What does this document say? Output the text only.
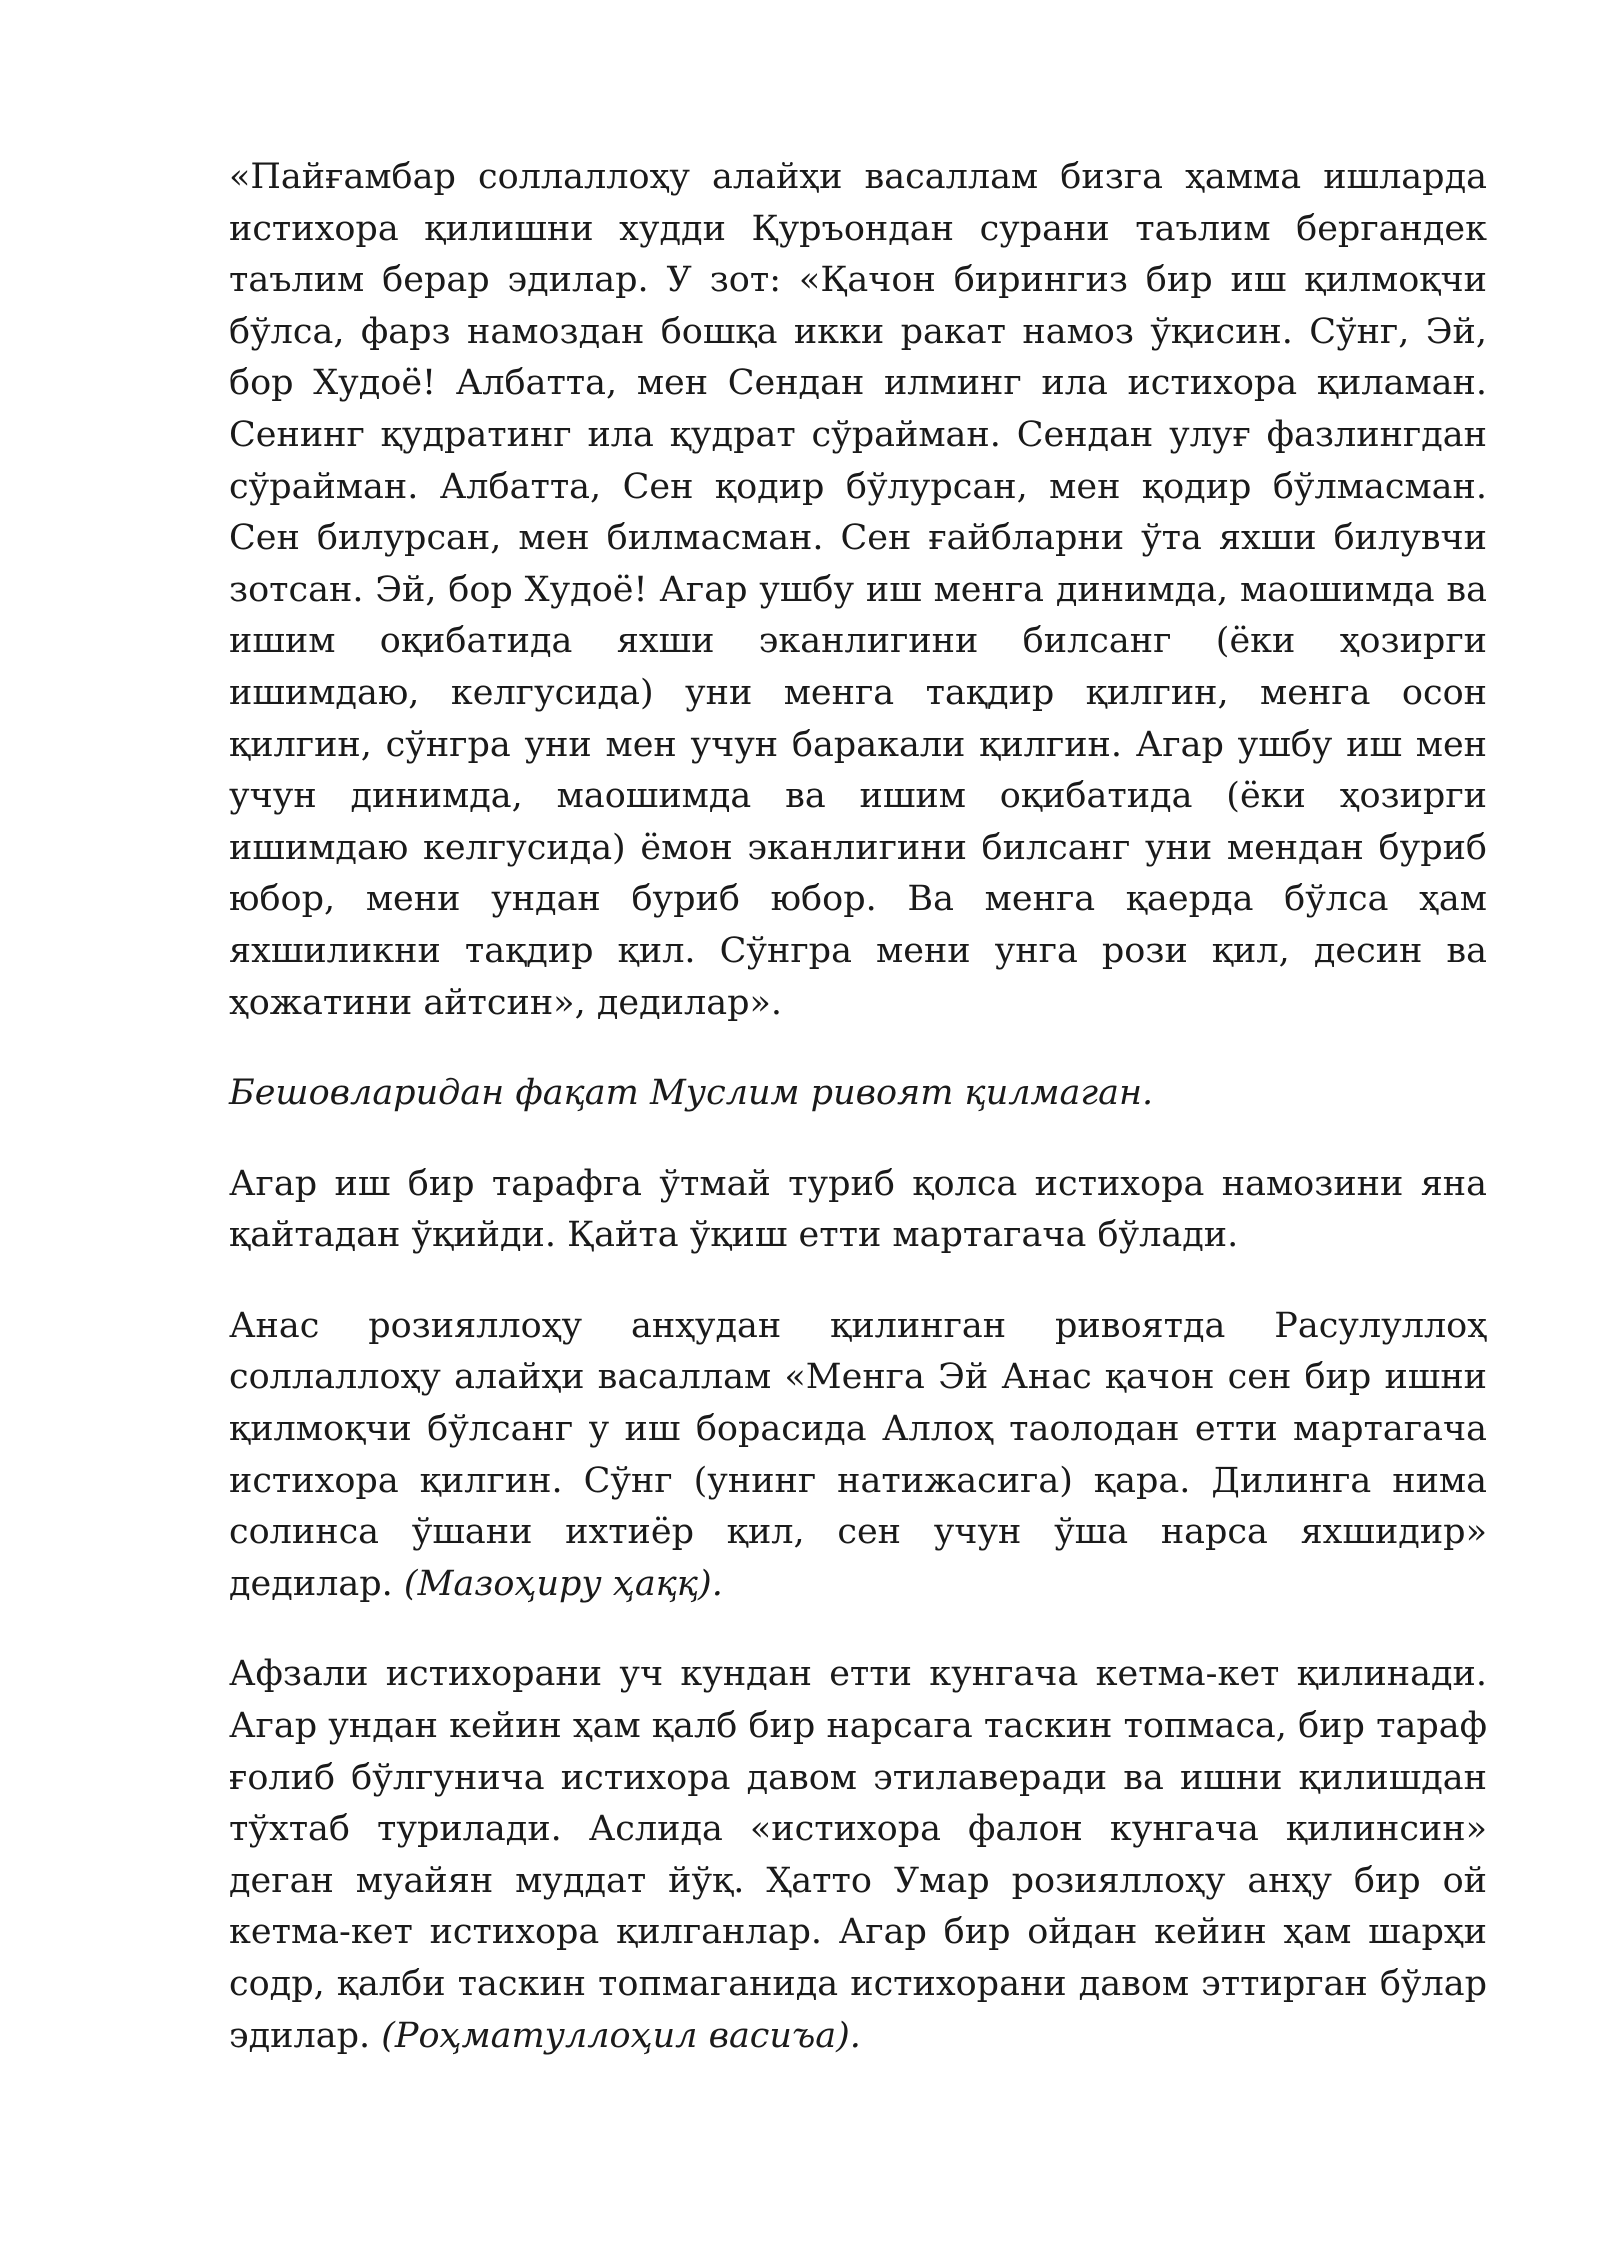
«Пайғамбар соллаллоҳу алайҳи васаллам бизга ҳамма ишларда истихора қилишни худди Қуръондан сурани таълим бергандек таълим берар эдилар. У зот: «Қачон бирингиз бир иш қилмоқчи бўлса, фарз намоздан бошқа икки ракат намоз ўқисин. Сўнг, Эй, бор Худоё! Албатта, мен Сендан илминг ила истихора қиламан. Сенинг қудратинг ила қудрат сўрайман. Сендан улуғ фазлингдан сўрайман. Албатта, Сен қодир бўлурсан, мен қодир бўлмасман. Сен билурсан, мен билмасман. Сен ғайбларни ўта яхши билувчи зотсан. Эй, бор Худоё! Агар ушбу иш менга динимда, маошимда ва ишим оқибатида яхши эканлигини билсанг (ёки ҳозирги ишимдаю, келгусида) уни менга тақдир қилгин, менга осон қилгин, сўнгра уни мен учун баракали қилгин. Агар ушбу иш мен учун динимда, маошимда ва ишим оқибатида (ёки ҳозирги ишимдаю келгусида) ёмон эканлигини билсанг уни мендан буриб юбор, мени ундан буриб юбор. Ва менга қаерда бўлса ҳам яхшиликни тақдир қил. Сўнгра мени унга рози қил, десин ва ҳожатини айтсин», дедилар».

Бешовларидан фақат Муслим ривоят қилмаган.

Агар иш бир тарафга ўтмай туриб қолса истихора намозини яна қайтадан ўқийди. Қайта ўқиш етти мартагача бўлади.

Анас розияллоҳу анҳудан қилинган ривоятда Расулуллоҳ соллаллоҳу алайҳи васаллам «Менга Эй Анас қачон сен бир ишни қилмоқчи бўлсанг у иш борасида Аллоҳ таолодан етти мартагача истихора қилгин. Сўнг (унинг натижасига) қара. Дилинга нима солинса ўшани ихтиёр қил, сен учун ўша нарса яхшидир» дедилар. (Мазоҳиру ҳаққ).

Афзали истихорани уч кундан етти кунгача кетма-кет қилинади. Агар ундан кейин ҳам қалб бир нарсага таскин топмаса, бир тараф ғолиб бўлгунича истихора давом этилаверади ва ишни қилишдан тўхтаб турилади. Аслида «истихора фалон кунгача қилинсин» деган муайян муддат йўқ. Ҳатто Умар розияллоҳу анҳу бир ой кетма-кет истихора қилганлар. Агар бир ойдан кейин ҳам шарҳи содр, қалби таскин топмаганида истихорани давом эттирган бўлар эдилар. (Роҳматуллоҳил васиъа).
